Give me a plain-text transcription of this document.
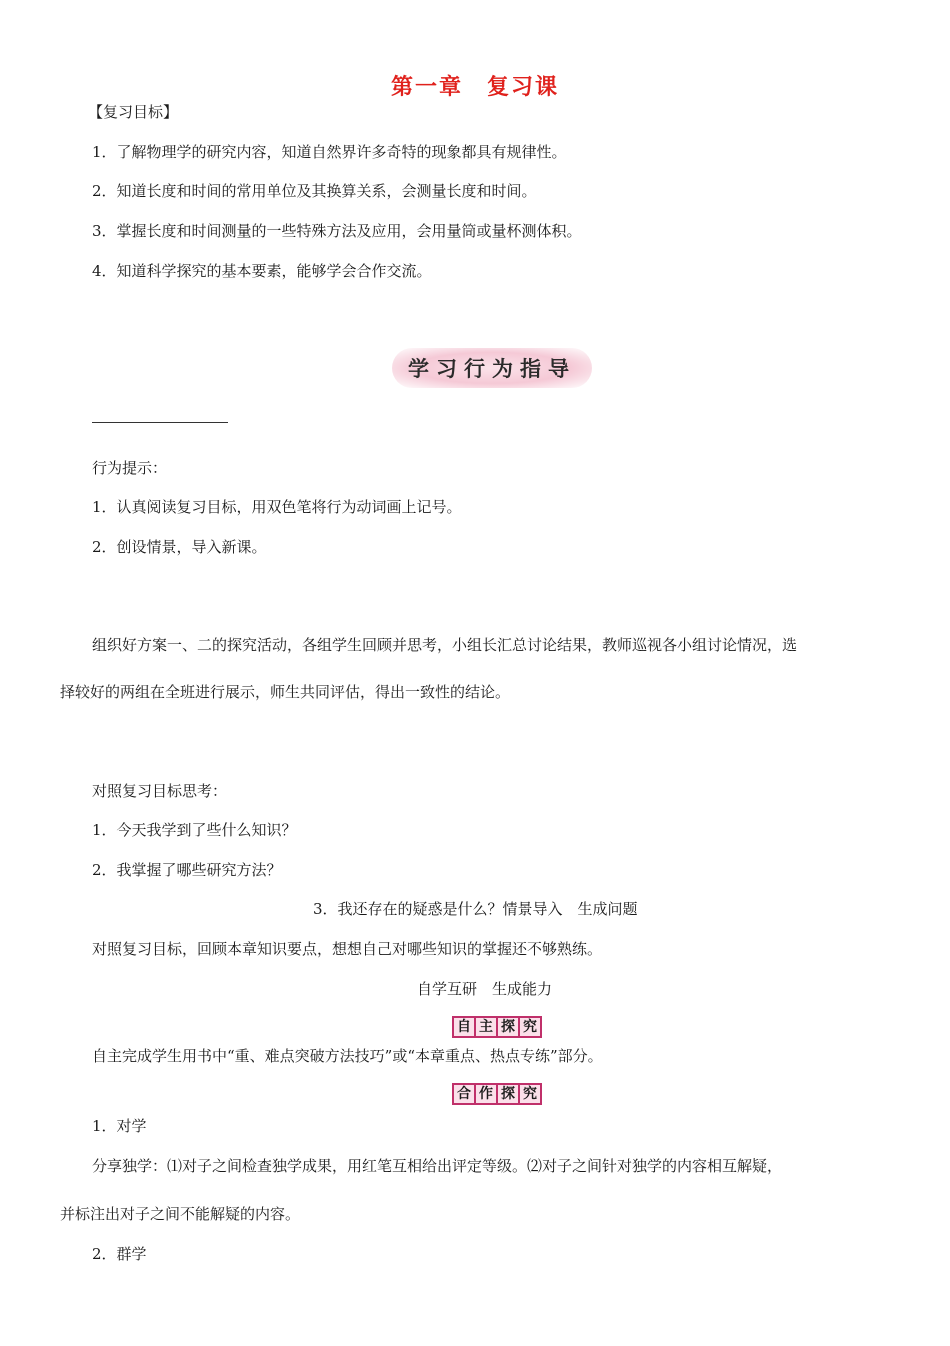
第一章　复习课
【复习目标】
1．了解物理学的研究内容，知道自然界许多奇特的现象都具有规律性。
2．知道长度和时间的常用单位及其换算关系，会测量长度和时间。
3．掌握长度和时间测量的一些特殊方法及应用，会用量筒或量杯测体积。
4．知道科学探究的基本要素，能够学会合作交流。
学习行为指导
行为提示：
1．认真阅读复习目标，用双色笔将行为动词画上记号。
2．创设情景，导入新课。
组织好方案一、二的探究活动，各组学生回顾并思考，小组长汇总讨论结果，教师巡视各小组讨论情况，选
择较好的两组在全班进行展示，师生共同评估，得出一致性的结论。
对照复习目标思考：
1．今天我学到了些什么知识？
2．我掌握了哪些研究方法？
3．我还存在的疑惑是什么？情景导入　生成问题
对照复习目标，回顾本章知识要点，想想自己对哪些知识的掌握还不够熟练。
自学互研　生成能力
自 主 探 究
自主完成学生用书中“重、难点突破方法技巧”或“本章重点、热点专练”部分。
合 作 探 究
1．对学
分享独学：⑴对子之间检查独学成果，用红笔互相给出评定等级。⑵对子之间针对独学的内容相互解疑，
并标注出对子之间不能解疑的内容。
2．群学
